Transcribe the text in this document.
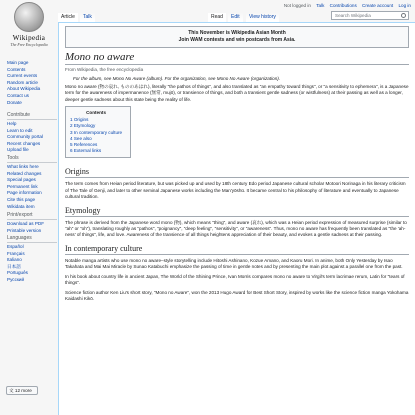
Wikipedia
The Free Encyclopedia
Main page
Contents
Current events
Random article
About Wikipedia
Contact us
Donate
Contribute
Help
Learn to edit
Community portal
Recent changes
Upload file
Tools
What links here
Related changes
Special pages
Permanent link
Page information
Cite this page
Wikidata item
Print/export
Download as PDF
Printable version
Languages
Español
Français
Italiano
日本語
Português
Русский
文 12 more
Not logged in Talk Contributions Create account Log in
Article	Talk	Read	Edit	View history	Search Wikipedia
This November is Wikipedia Asian Month
Join WAM contests and win postcards from Asia.
Mono no aware
From Wikipedia, the free encyclopedia
For the album, see Mono No Aware (album). For the organization, see Mono No Aware (organization).

Mono no aware (物の哀れ, もののあはれ), literally "the pathos of things", and also translated as "an empathy toward things", or "a sensitivity to ephemera", is a Japanese term for the awareness of impermanence (無常, mujō), or transience of things, and both a transient gentle sadness (or wistfulness) at their passing as well as a longer, deeper gentle sadness about this state being the reality of life.

Contents
1 Origins
2 Etymology
3 In contemporary culture
4 See also
5 References
6 External links
Origins

The term comes from Heian period literature, but was picked up and used by 18th century Edo period Japanese cultural scholar Motoori Norinaga in his literary criticism of The Tale of Genji, and later to other seminal Japanese works including the Man'yōshū. It became central to his philosophy of literature and eventually to Japanese cultural tradition.

Etymology

The phrase is derived from the Japanese word mono (物), which means "thing", and aware (哀れ), which was a Heian period expression of measured surprise (similar to "ah" or "oh"), translating roughly as "pathos", "poignancy", "deep feeling", "sensitivity", or "awareness". Thus, mono no aware has frequently been translated as "the 'ah-ness' of things", life, and love. Awareness of the transience of all things heightens appreciation of their beauty, and evokes a gentle sadness at their passing.

In contemporary culture

Notable manga artists who use mono no aware–style storytelling include Hitoshi Ashinano, Kozue Amano, and Kaoru Mori. In anime, both Only Yesterday by Isao Takahata and Mai Mai Miracle by Sunao Katabuchi emphasize the passing of time in gentle notes and by presenting the main plot against a parallel one from the past.

In his book about country life in ancient Japan, The World of the Shining Prince, Ivan Morris compares mono no aware to Virgil's term lacrimae rerum, Latin for "tears of things".

Science fiction author Ken Liu's short story, "Mono no Aware", won the 2013 Hugo Award for Best Short Story, inspired by works like the science fiction manga Yokohama Kaidashi Kikō.
